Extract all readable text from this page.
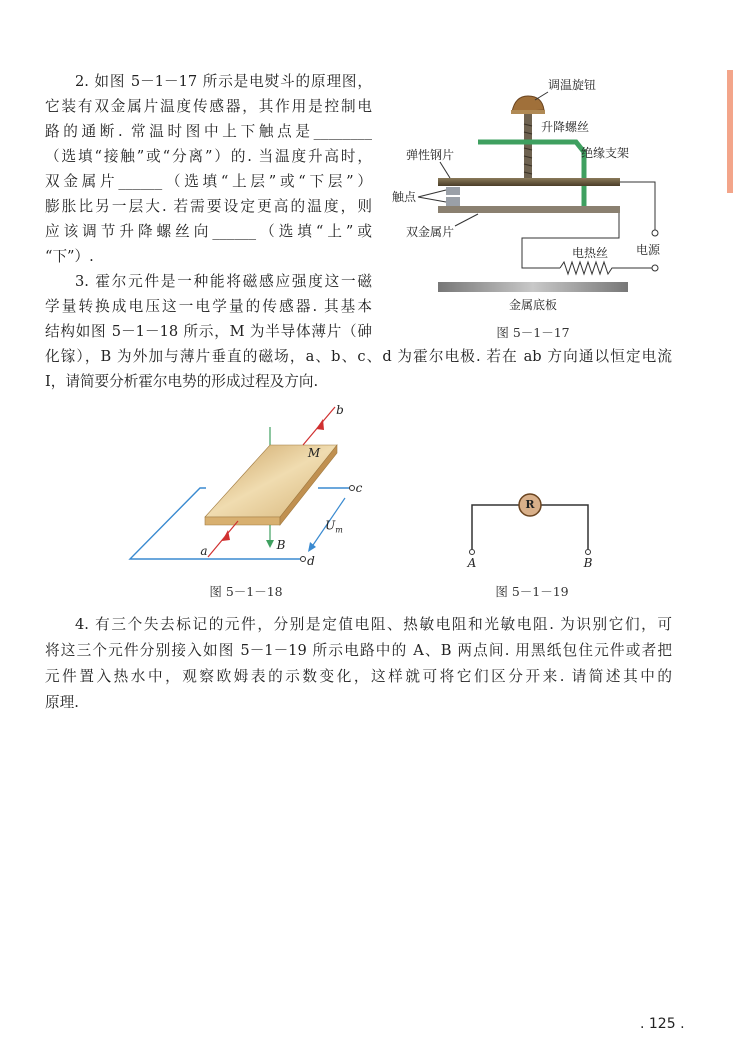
2. 如图 5－1－17 所示是电熨斗的原理图，
它装有双金属片温度传感器，其作用是控制电
路的通断. 常温时图中上下触点是________
（选填“接触”或“分离”）的. 当温度升高时，
双金属片______（选填“上层”或“下层”）
膨胀比另一层大. 若需要设定更高的温度，则
应该调节升降螺丝向______（选填“上”或
“下”）.
3. 霍尔元件是一种能将磁感应强度这一磁
学量转换成电压这一电学量的传感器. 其基本
结构如图 5－1－18 所示，M 为半导体薄片（砷
化镓），B 为外加与薄片垂直的磁场，a、b、c、d 为霍尔电极. 若在 ab 方向通以恒定电流
I，请简要分析霍尔电势的形成过程及方向.
调温旋钮
升降螺丝
弹性钢片	绝缘支架
触点
双金属片
电热丝 电源
金属底板
图 5－1－17
a
b
c
d
M
B
$U_m$
图 5－1－18
R
A	B
图 5－1－19
4. 有三个失去标记的元件，分别是定值电阻、热敏电阻和光敏电阻. 为识别它们，可
将这三个元件分别接入如图 5－1－19 所示电路中的 A、B 两点间. 用黑纸包住元件或者把
元件置入热水中，观察欧姆表的示数变化，这样就可将它们区分开来. 请简述其中的
原理.
. 125 .
